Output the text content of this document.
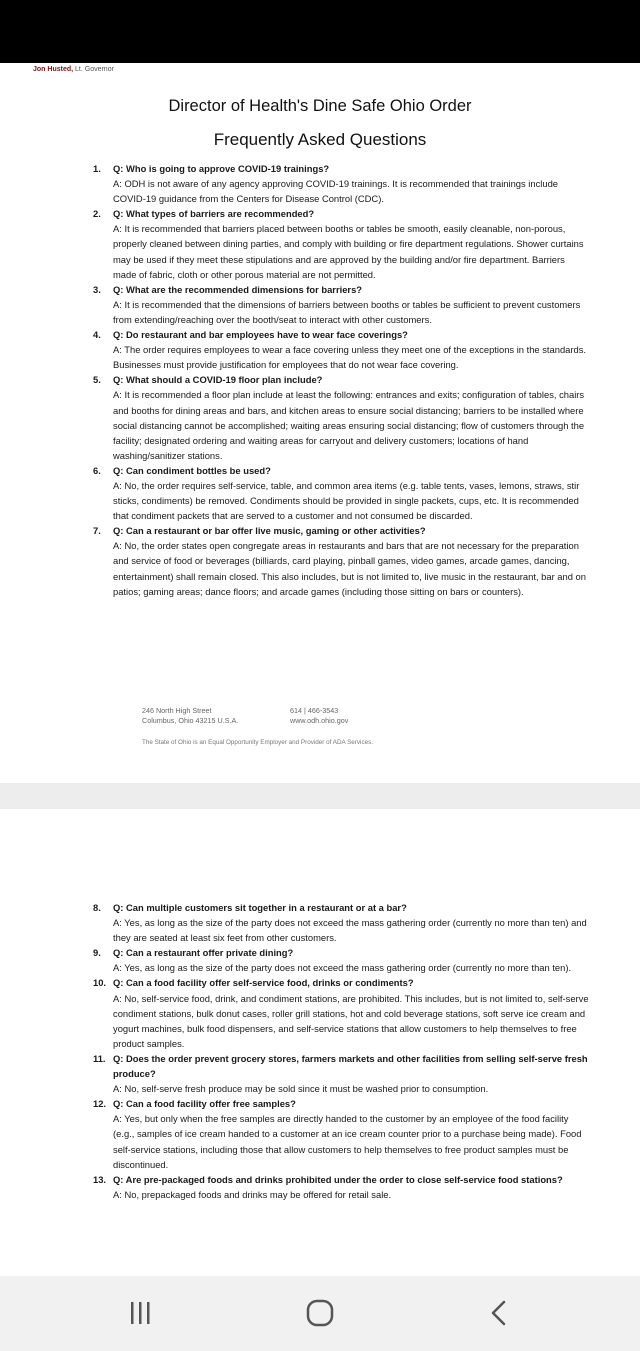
Jon Husted, Lt. Governor
Director of Health's Dine Safe Ohio Order
Frequently Asked Questions
1. Q: Who is going to approve COVID-19 trainings?
A: ODH is not aware of any agency approving COVID-19 trainings. It is recommended that trainings include COVID-19 guidance from the Centers for Disease Control (CDC).
2. Q: What types of barriers are recommended?
A: It is recommended that barriers placed between booths or tables be smooth, easily cleanable, non-porous, properly cleaned between dining parties, and comply with building or fire department regulations. Shower curtains may be used if they meet these stipulations and are approved by the building and/or fire department. Barriers made of fabric, cloth or other porous material are not permitted.
3. Q: What are the recommended dimensions for barriers?
A: It is recommended that the dimensions of barriers between booths or tables be sufficient to prevent customers from extending/reaching over the booth/seat to interact with other customers.
4. Q: Do restaurant and bar employees have to wear face coverings?
A: The order requires employees to wear a face covering unless they meet one of the exceptions in the standards. Businesses must provide justification for employees that do not wear face covering.
5. Q: What should a COVID-19 floor plan include?
A: It is recommended a floor plan include at least the following: entrances and exits; configuration of tables, chairs and booths for dining areas and bars, and kitchen areas to ensure social distancing; barriers to be installed where social distancing cannot be accomplished; waiting areas ensuring social distancing; flow of customers through the facility; designated ordering and waiting areas for carryout and delivery customers; locations of hand washing/sanitizer stations.
6. Q: Can condiment bottles be used?
A: No, the order requires self-service, table, and common area items (e.g. table tents, vases, lemons, straws, stir sticks, condiments) be removed. Condiments should be provided in single packets, cups, etc. It is recommended that condiment packets that are served to a customer and not consumed be discarded.
7. Q: Can a restaurant or bar offer live music, gaming or other activities?
A: No, the order states open congregate areas in restaurants and bars that are not necessary for the preparation and service of food or beverages (billiards, card playing, pinball games, video games, arcade games, dancing, entertainment) shall remain closed. This also includes, but is not limited to, live music in the restaurant, bar and on patios; gaming areas; dance floors; and arcade games (including those sitting on bars or counters).
246 North High Street
Columbus, Ohio 43215 U.S.A.
614 | 466-3543
www.odh.ohio.gov
The State of Ohio is an Equal Opportunity Employer and Provider of ADA Services.
8. Q: Can multiple customers sit together in a restaurant or at a bar?
A: Yes, as long as the size of the party does not exceed the mass gathering order (currently no more than ten) and they are seated at least six feet from other customers.
9. Q: Can a restaurant offer private dining?
A: Yes, as long as the size of the party does not exceed the mass gathering order (currently no more than ten).
10. Q: Can a food facility offer self-service food, drinks or condiments?
A: No, self-service food, drink, and condiment stations, are prohibited. This includes, but is not limited to, self-serve condiment stations, bulk donut cases, roller grill stations, hot and cold beverage stations, soft serve ice cream and yogurt machines, bulk food dispensers, and self-service stations that allow customers to help themselves to free product samples.
11. Q: Does the order prevent grocery stores, farmers markets and other facilities from selling self-serve fresh produce?
A: No, self-serve fresh produce may be sold since it must be washed prior to consumption.
12. Q: Can a food facility offer free samples?
A: Yes, but only when the free samples are directly handed to the customer by an employee of the food facility (e.g., samples of ice cream handed to a customer at an ice cream counter prior to a purchase being made). Food self-service stations, including those that allow customers to help themselves to free product samples must be discontinued.
13. Q: Are pre-packaged foods and drinks prohibited under the order to close self-service food stations?
A: No, prepackaged foods and drinks may be offered for retail sale.
